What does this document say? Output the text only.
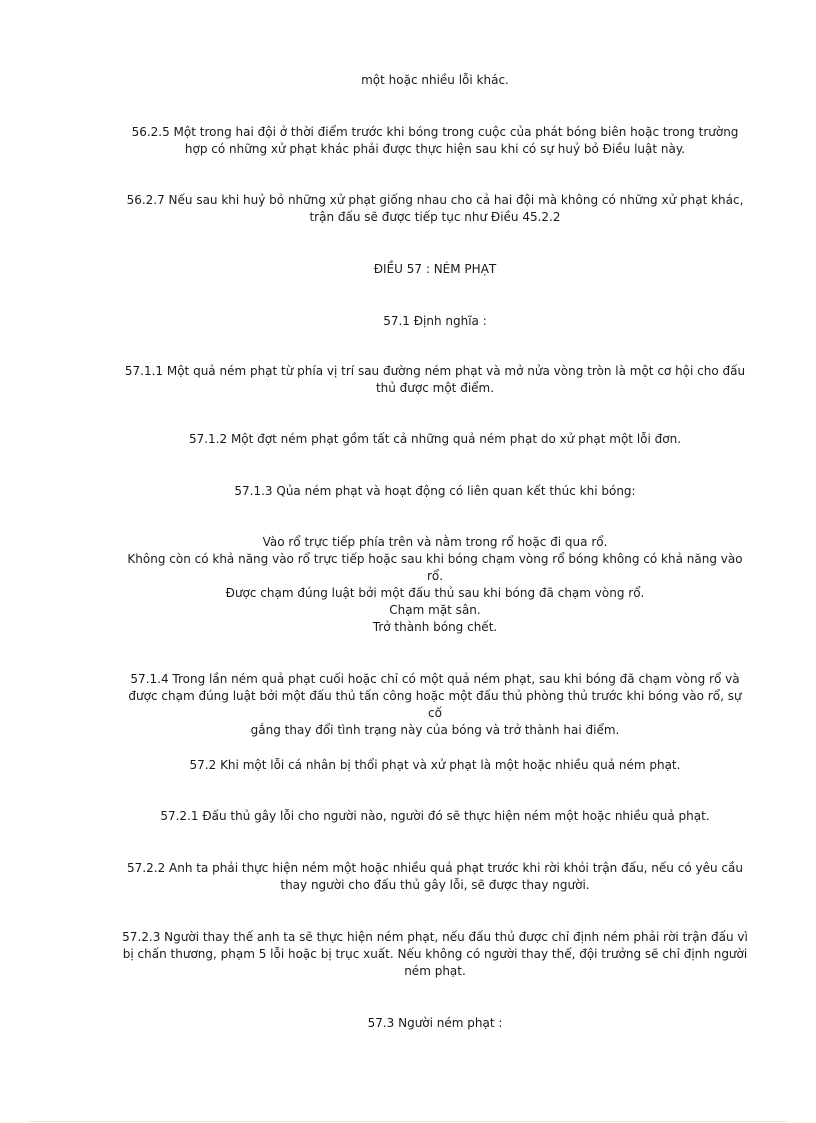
một hoặc nhiều lỗi khác.
56.2.5 Một trong hai đội ở thời điểm trước khi bóng trong cuộc của phát bóng biên hoặc trong trường
hợp có những xử phạt khác phải được thực hiện sau khi có sự huỷ bỏ Điều luật này.
56.2.7 Nếu sau khi huỷ bỏ những xử phạt giống nhau cho cả hai đội mà không có những xử phạt khác,
trận đấu sẽ được tiếp tục như Điều 45.2.2
ĐIỀU 57 : NÉM PHẠT
57.1 Định nghĩa :
57.1.1 Một quả ném phạt từ phía vị trí sau đường ném phạt và mở nửa vòng tròn là một cơ hội cho đấu
thủ được một điểm.
57.1.2 Một đợt ném phạt gồm tất cả những quả ném phạt do xử phạt một lỗi đơn.
57.1.3 Qủa ném phạt và hoạt động có liên quan kết thúc khi bóng:
Vào rổ trực tiếp phía trên và nằm trong rổ hoặc đi qua rổ.
Không còn có khả năng vào rổ trực tiếp hoặc sau khi bóng chạm vòng rổ bóng không có khả năng vào
rổ.
Được chạm đúng luật bởi một đấu thủ sau khi bóng đã chạm vòng rổ.
Chạm mặt sân.
Trở thành bóng chết.
57.1.4 Trong lần ném quả phạt cuối hoặc chỉ có một quả ném phạt, sau khi bóng đã chạm vòng rổ và
được chạm đúng luật bởi một đấu thủ tấn công hoặc một đấu thủ phòng thủ trước khi bóng vào rổ, sự cố
gắng thay đổi tình trạng này của bóng và trở thành hai điểm.
57.2 Khi một lỗi cá nhân bị thổi phạt và xử phạt là một hoặc nhiều quả ném phạt.
57.2.1 Đấu thủ gây lỗi cho người nào, người đó sẽ thực hiện ném một hoặc nhiều quả phạt.
57.2.2 Anh ta phải thực hiện ném một hoặc nhiều quả phạt trước khi rời khỏi trận đấu, nếu có yêu cầu
thay người cho đấu thủ gây lỗi, sẽ được thay người.
57.2.3 Người thay thế anh ta sẽ thực hiện ném phạt, nếu đấu thủ được chỉ định ném phải rời trận đấu vì
bị chấn thương, phạm 5 lỗi hoặc bị trục xuất. Nếu không có người thay thế, đội trưởng sẽ chỉ định người
ném phạt.
57.3 Người ném phạt :
